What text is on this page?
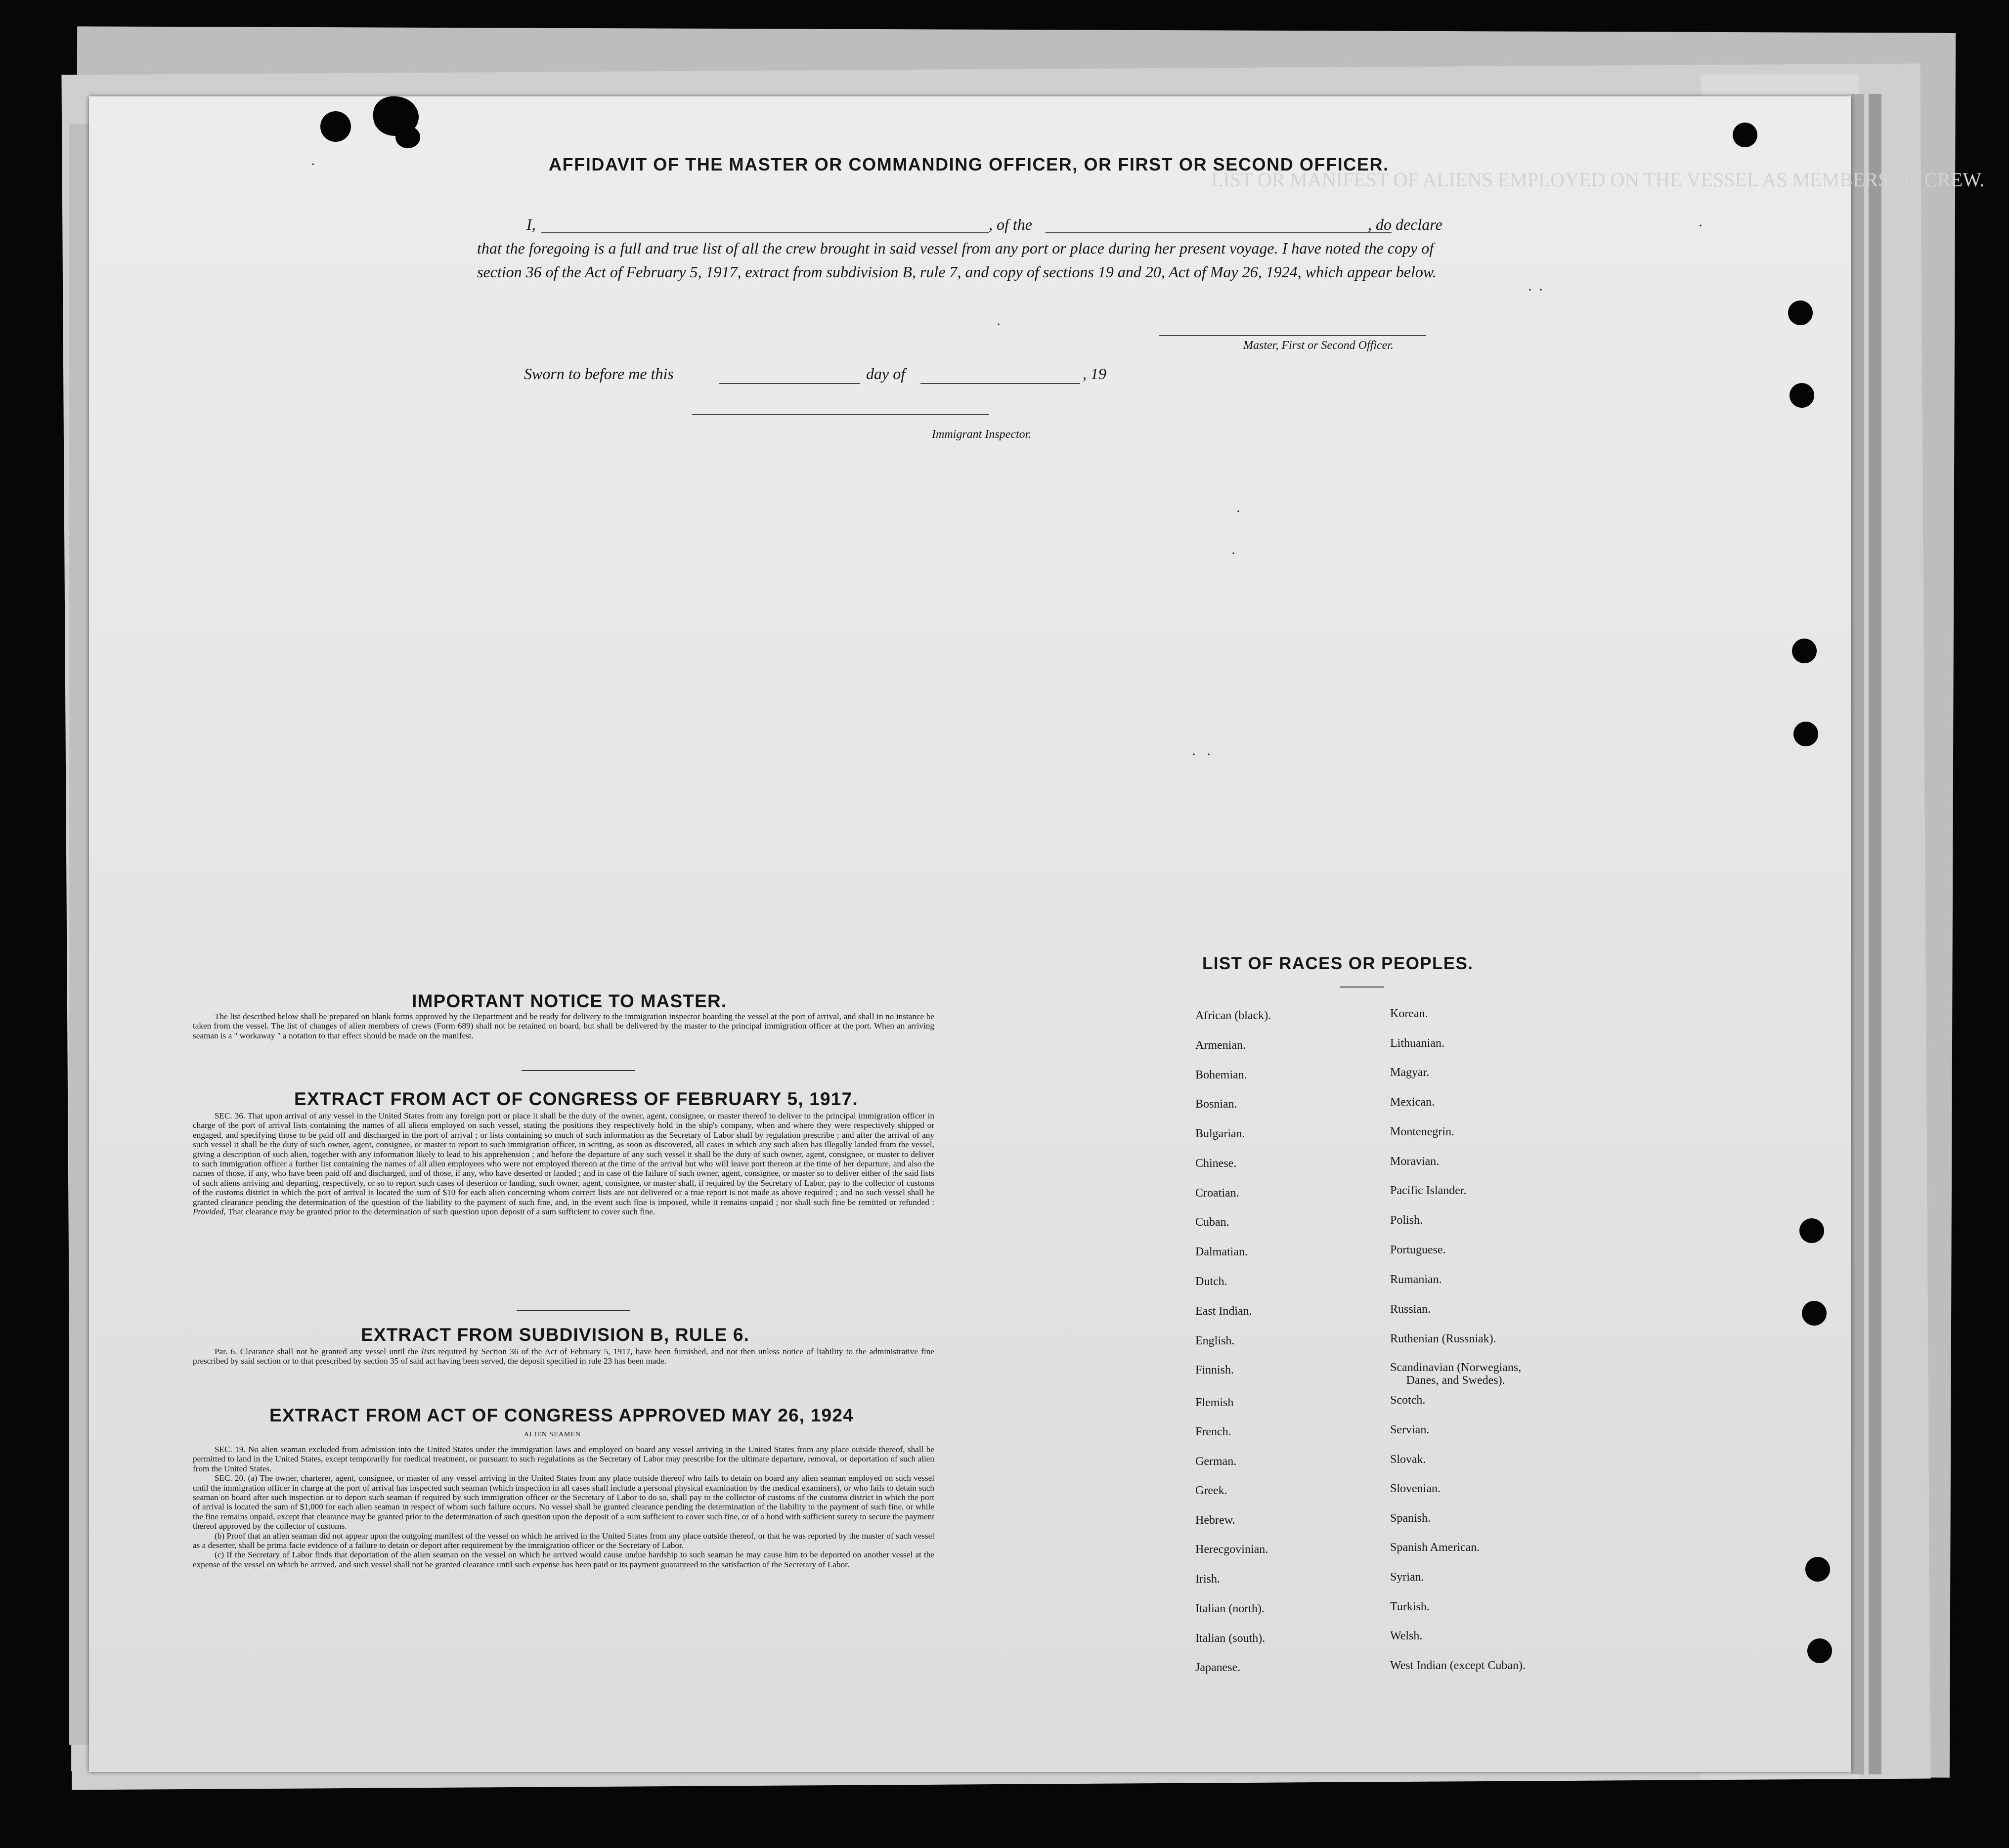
LIST OR MANIFEST OF ALIENS EMPLOYED ON THE VESSEL AS MEMBERS OF CREW.
AFFIDAVIT OF THE MASTER OR COMMANDING OFFICER, OR FIRST OR SECOND OFFICER.
I,	, of the	, do declare
that the foregoing is a full and true list of all the crew brought in said vessel from any port or place during her present voyage. I have noted the copy of section 36 of the Act of February 5, 1917, extract from subdivision B, rule 7, and copy of sections 19 and 20, Act of May 26, 1924, which appear below.
Master, First or Second Officer.
Sworn to before me this	day of	, 19
Immigrant Inspector.
IMPORTANT NOTICE TO MASTER.

The list described below shall be prepared on blank forms approved by the Department and be ready for delivery to the immigration inspector boarding the vessel at the port of arrival, and shall in no instance be taken from the vessel. The list of changes of alien members of crews (Form 689) shall not be retained on board, but shall be delivered by the master to the principal immigration officer at the port. When an arriving seaman is a " workaway " a notation to that effect should be made on the manifest.

EXTRACT FROM ACT OF CONGRESS OF FEBRUARY 5, 1917.

SEC. 36. That upon arrival of any vessel in the United States from any foreign port or place it shall be the duty of the owner, agent, consignee, or master thereof to deliver to the principal immigration officer in charge of the port of arrival lists containing the names of all aliens employed on such vessel, stating the positions they respectively hold in the ship's company, when and where they were respectively shipped or engaged, and specifying those to be paid off and discharged in the port of arrival ; or lists containing so much of such information as the Secretary of Labor shall by regulation prescribe ; and after the arrival of any such vessel it shall be the duty of such owner, agent, consignee, or master to report to such immigration officer, in writing, as soon as discovered, all cases in which any such alien has illegally landed from the vessel, giving a description of such alien, together with any information likely to lead to his apprehension ; and before the departure of any such vessel it shall be the duty of such owner, agent, consignee, or master to deliver to such immigration officer a further list containing the names of all alien employees who were not employed thereon at the time of the arrival but who will leave port thereon at the time of her departure, and also the names of those, if any, who have been paid off and discharged, and of those, if any, who have deserted or landed ; and in case of the failure of such owner, agent, consignee, or master so to deliver either of the said lists of such aliens arriving and departing, respectively, or so to report such cases of desertion or landing, such owner, agent, consignee, or master shall, if required by the Secretary of Labor, pay to the collector of customs of the customs district in which the port of arrival is located the sum of $10 for each alien concerning whom correct lists are not delivered or a true report is not made as above required ; and no such vessel shall be granted clearance pending the determination of the question of the liability to the payment of such fine, and, in the event such fine is imposed, while it remains unpaid ; nor shall such fine be remitted or refunded : Provided, That clearance may be granted prior to the determination of such question upon deposit of a sum sufficient to cover such fine.

EXTRACT FROM SUBDIVISION B, RULE 6.

Par. 6. Clearance shall not be granted any vessel until the lists required by Section 36 of the Act of February 5, 1917, have been furnished, and not then unless notice of liability to the administrative fine prescribed by said section or to that prescribed by section 35 of said act having been served, the deposit specified in rule 23 has been made.

EXTRACT FROM ACT OF CONGRESS APPROVED MAY 26, 1924
ALIEN SEAMEN

SEC. 19. No alien seaman excluded from admission into the United States under the immigration laws and employed on board any vessel arriving in the United States from any place outside thereof, shall be permitted to land in the United States, except temporarily for medical treatment, or pursuant to such regulations as the Secretary of Labor may prescribe for the ultimate departure, removal, or deportation of such alien from the United States.

SEC. 20. (a) The owner, charterer, agent, consignee, or master of any vessel arriving in the United States from any place outside thereof who fails to detain on board any alien seaman employed on such vessel until the immigration officer in charge at the port of arrival has inspected such seaman (which inspection in all cases shall include a personal physical examination by the medical examiners), or who fails to detain such seaman on board after such inspection or to deport such seaman if required by such immigration officer or the Secretary of Labor to do so, shall pay to the collector of customs of the customs district in which the port of arrival is located the sum of $1,000 for each alien seaman in respect of whom such failure occurs. No vessel shall be granted clearance pending the determination of the liability to the payment of such fine, or while the fine remains unpaid, except that clearance may be granted prior to the determination of such question upon the deposit of a sum sufficient to cover such fine, or of a bond with sufficient surety to secure the payment thereof approved by the collector of customs.

(b) Proof that an alien seaman did not appear upon the outgoing manifest of the vessel on which he arrived in the United States from any place outside thereof, or that he was reported by the master of such vessel as a deserter, shall be prima facie evidence of a failure to detain or deport after requirement by the immigration officer or the Secretary of Labor.

(c) If the Secretary of Labor finds that deportation of the alien seaman on the vessel on which he arrived would cause undue hardship to such seaman he may cause him to be deported on another vessel at the expense of the vessel on which he arrived, and such vessel shall not be granted clearance until such expense has been paid or its payment guaranteed to the satisfaction of the Secretary of Labor.

LIST OF RACES OR PEOPLES.
African (black).
Armenian.
Bohemian.
Bosnian.
Bulgarian.
Chinese.
Croatian.
Cuban.
Dalmatian.
Dutch.
East Indian.
English.
Finnish.
Flemish
French.
German.
Greek.
Hebrew.
Herecgovinian.
Irish.
Italian (north).
Italian (south).
Japanese.
Korean.
Lithuanian.
Magyar.
Mexican.
Montenegrin.
Moravian.
Pacific Islander.
Polish.
Portuguese.
Rumanian.
Russian.
Ruthenian (Russniak).
Scandinavian (Norwegians,
Danes, and Swedes).
Scotch.
Servian.
Slovak.
Slovenian.
Spanish.
Spanish American.
Syrian.
Turkish.
Welsh.
West Indian (except Cuban).
·
·
·
· ·
·
·
· ·
